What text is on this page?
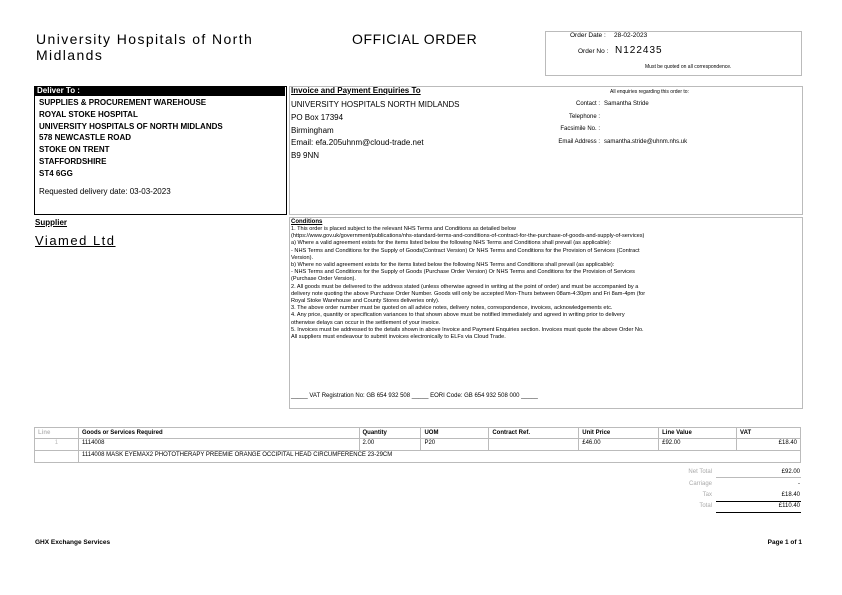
University Hospitals of North
Midlands
OFFICIAL ORDER	Order Date : 28-02-2023
Order No : N122435
Must be quoted on all correspondence.
Deliver To :
SUPPLIES & PROCUREMENT WAREHOUSE
ROYAL STOKE HOSPITAL
UNIVERSITY HOSPITALS OF NORTH MIDLANDS
578 NEWCASTLE ROAD
STOKE ON TRENT
STAFFORDSHIRE
ST4 6GG
Requested delivery date: 03-03-2023
Invoice and Payment Enquiries To
UNIVERSITY HOSPITALS NORTH MIDLANDS
PO Box 17394
Birmingham
Email: efa.205uhnm@cloud-trade.net
B9 9NN
All enquiries regarding this order to:
Contact : Samantha Stride
Telephone :
Facsimile No. :
Email Address : samantha.stride@uhnm.nhs.uk
Supplier
Viamed Ltd
Conditions
1. This order is placed subject to the relevant NHS Terms and Conditions as detailed below
(https://www.gov.uk/government/publications/nhs-standard-terms-and-conditions-of-contract-for-the-purchase-of-goods-and-supply-of-services)
a) Where a valid agreement exists for the items listed below the following NHS Terms and Conditions shall prevail (as applicable):
- NHS Terms and Conditions for the Supply of Goods(Contract Version) Or NHS Terms and Conditions for the Provision of Services (Contract
Version).
b) Where no valid agreement exists for the items listed below the following NHS Terms and Conditions shall prevail (as applicable):
- NHS Terms and Conditions for the Supply of Goods (Purchase Order Version) Or NHS Terms and Conditions for the Provision of Services
(Purchase Order Version).
2. All goods must be delivered to the address stated (unless otherwise agreed in writing at the point of order) and must be accompanied by a
delivery note quoting the above Purchase Order Number. Goods will only be accepted Mon-Thurs between 08am-4:30pm and Fri 8am-4pm (for
Royal Stoke Warehouse and County Stores deliveries only).
3. The above order number must be quoted on all advice notes, delivery notes, correspondence, invoices, acknowledgements etc.
4. Any price, quantity or specification variances to that shown above must be notified immediately and agreed in writing prior to delivery
otherwise delays can occur in the settlement of your invoice.
5. Invoices must be addressed to the details shown in above Invoice and Payment Enquiries section. Invoices must quote the above Order No.
All suppliers must endeavour to submit invoices electronically to ELFs via Cloud Trade.
_____ VAT Registration No: GB 654 932 508 _____ EORI Code: GB 654 932 508 000 _____
Line	Goods or Services Required	Quantity	UOM	Contract Ref.	Unit Price	Line Value	VAT
1	1114008	2.00	P20		£46.00	£92.00	£18.40
	1114008 MASK EYEMAX2 PHOTOTHERAPY PREEMIE ORANGE OCCIPITAL HEAD CIRCUMFERENCE 23-29CM						
Net Total	£92.00
Carriage	-
Tax	£18.40
Total	£110.40
GHX Exchange Services	Page 1 of 1
